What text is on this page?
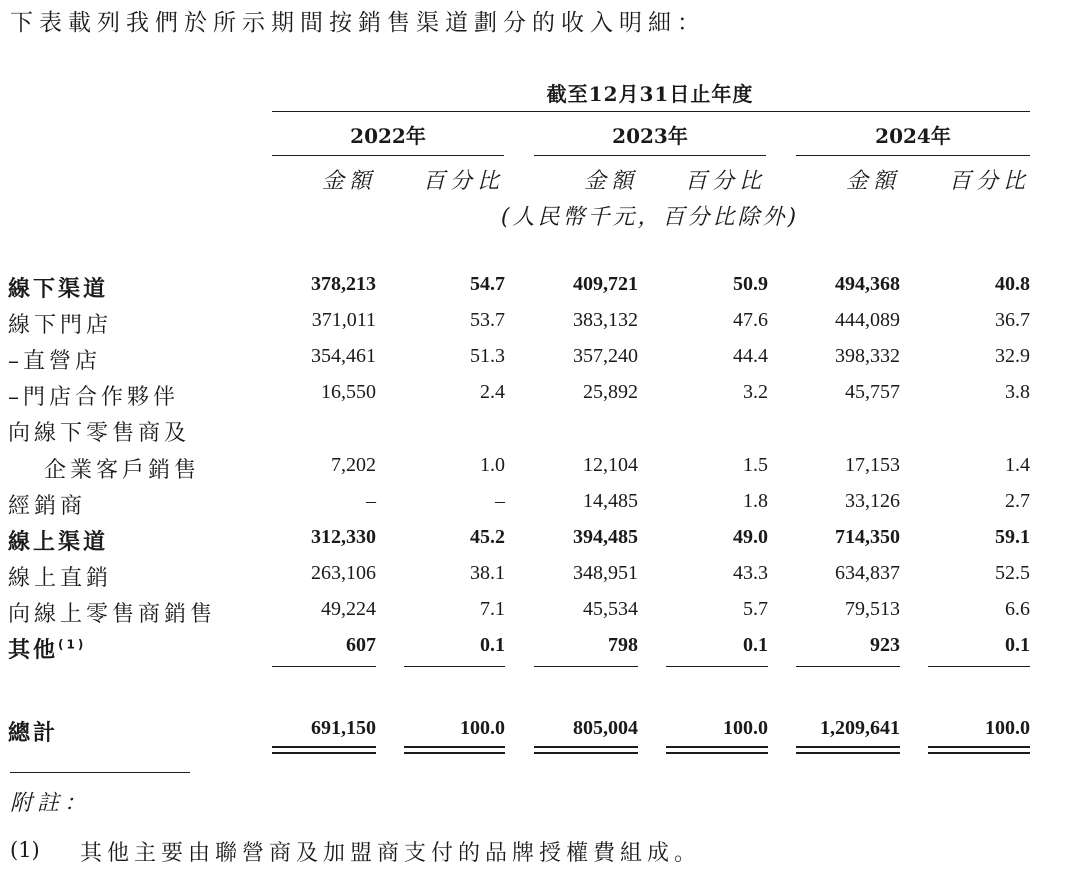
下表載列我們於所示期間按銷售渠道劃分的收入明細：
截至12月31日止年度
2022年	2023年	2024年
金額	百分比	金額	百分比	金額	百分比
(人民幣千元，百分比除外)
線下渠道	378,213	54.7	409,721	50.9	494,368	40.8
線下門店	371,011	53.7	383,132	47.6	444,089	36.7
–直營店	354,461	51.3	357,240	44.4	398,332	32.9
–門店合作夥伴	16,550	2.4	25,892	3.2	45,757	3.8
向線下零售商及
企業客戶銷售	7,202	1.0	12,104	1.5	17,153	1.4
經銷商	–	–	14,485	1.8	33,126	2.7
線上渠道	312,330	45.2	394,485	49.0	714,350	59.1
線上直銷	263,106	38.1	348,951	43.3	634,837	52.5
向線上零售商銷售	49,224	7.1	45,534	5.7	79,513	6.6
其他$^{(1)}$	607	0.1	798	0.1	923	0.1
總計	691,150	100.0	805,004	100.0	1,209,641	100.0
附註：
(1) 其他主要由聯營商及加盟商支付的品牌授權費組成。
